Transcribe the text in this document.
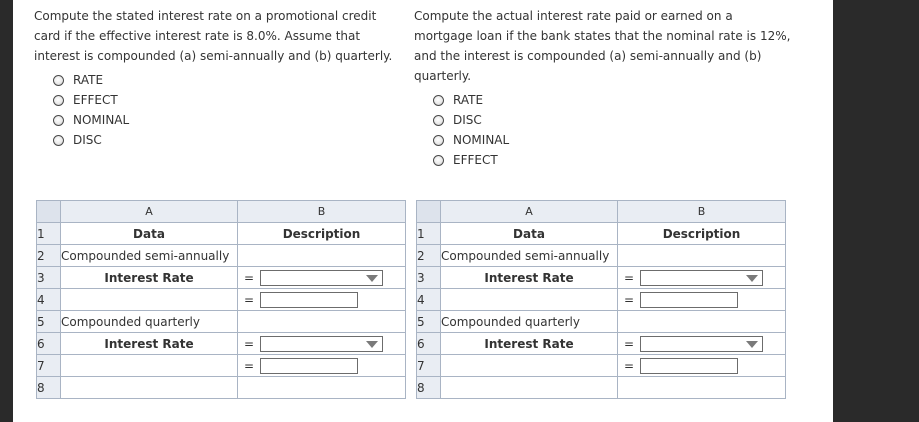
Compute the stated interest rate on a promotional credit card if the effective interest rate is 8.0%. Assume that interest is compounded (a) semi-annually and (b) quarterly.

RATE
EFFECT
NOMINAL
DISC

Compute the actual interest rate paid or earned on a mortgage loan if the bank states that the nominal rate is 12%, and the interest is compounded (a) semi-annually and (b) quarterly.

RATE
DISC
NOMINAL
EFFECT
	A	B
1	Data	Description
2	Compounded semi-annually	
3	Interest Rate	=

4		=

5	Compounded quarterly	
6	Interest Rate	=

7		=

8		
	A	B
1	Data	Description
2	Compounded semi-annually	
3	Interest Rate	=

4		=

5	Compounded quarterly	
6	Interest Rate	=

7		=

8		
